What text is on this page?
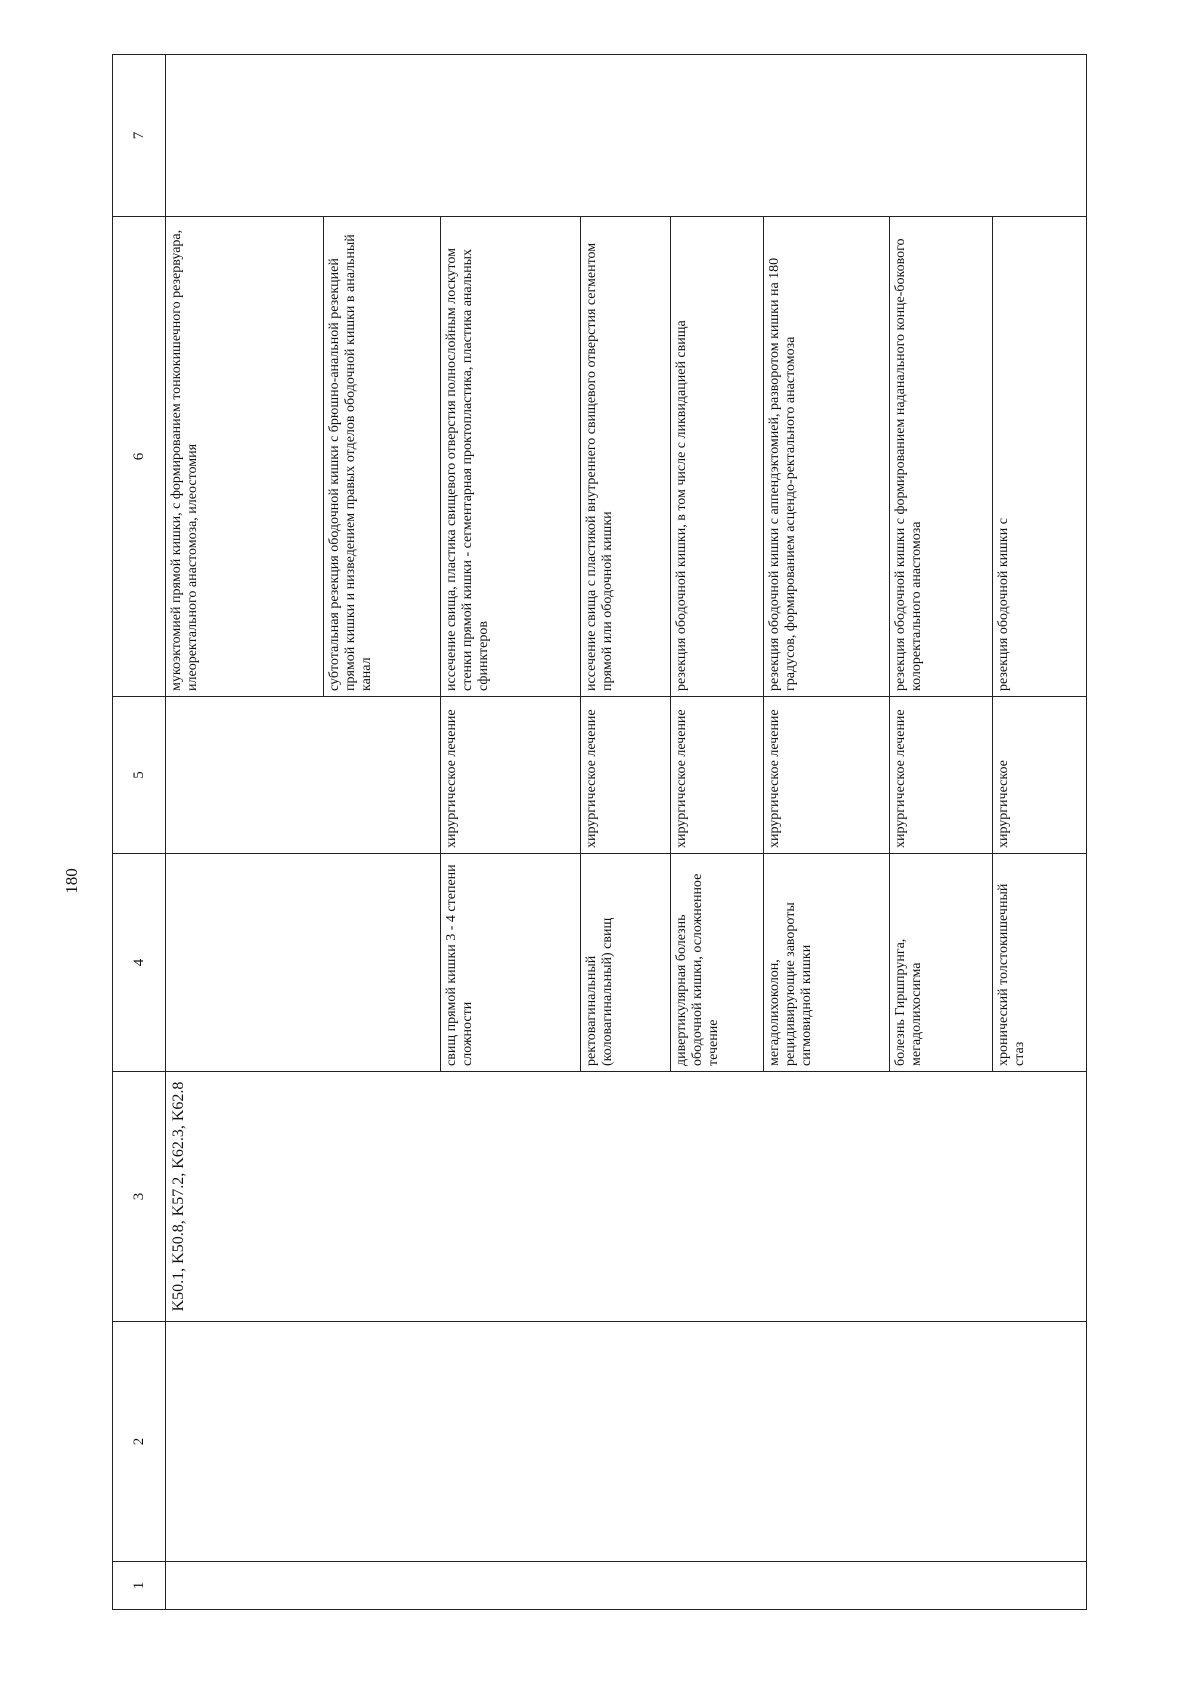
180
1	2	3	4	5	6	7
		K50.1, K50.8, K57.2, K62.3, K62.8			мукоэктомией прямой кишки, с формированием тонкокишечного резервуара, илеоректального анастомоза, илеостомия	
					субтотальная резекция ободочной кишки с брюшно-анальной резекцией прямой кишки и низведением правых отделов ободочной кишки в анальный канал	
			свищ прямой кишки 3 - 4 степени сложности	хирургическое лечение	иссечение свища, пластика свищевого отверстия полнослойным лоскутом стенки прямой кишки - сегментарная проктопластика, пластика анальных сфинктеров	
			ректовагинальный (коловагинальный) свищ	хирургическое лечение	иссечение свища с пластикой внутреннего свищевого отверстия сегментом прямой или ободочной кишки	
			дивертикулярная болезнь ободочной кишки, осложненное течение	хирургическое лечение	резекция ободочной кишки, в том числе с ликвидацией свища	
			мегадолихоколон, рецидивирующие завороты сигмовидной кишки	хирургическое лечение	резекция ободочной кишки с аппендэктомией, разворотом кишки на 180 градусов, формированием асцендо-ректального анастомоза	
			болезнь Гиршпрунга, мегадолихосигма	хирургическое лечение	резекция ободочной кишки с формированием наданального конце-бокового колоректального анастомоза	
			хронический толстокишечный стаз	хирургическое	резекция ободочной кишки с	
